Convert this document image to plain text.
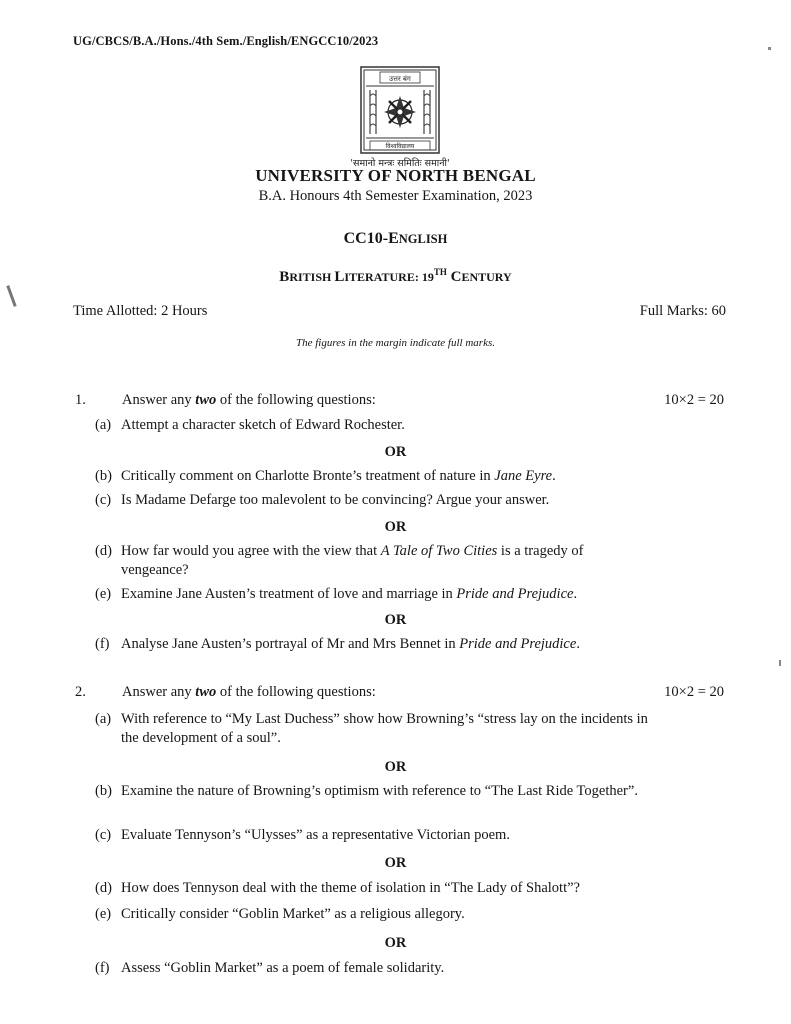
UG/CBCS/B.A./Hons./4th Sem./English/ENGCC10/2023
उत्तर बंग
विश्वविद्यालय
'समानो मन्त्रः समितिः समानी'
UNIVERSITY OF NORTH BENGAL
B.A. Honours 4th Semester Examination, 2023
CC10-ENGLISH
BRITISH LITERATURE: 19TH CENTURY
Time Allotted: 2 Hours	Full Marks: 60
The figures in the margin indicate full marks.
1. Answer any two of the following questions:	10×2 = 20
(a) Attempt a character sketch of Edward Rochester.
OR
(b) Critically comment on Charlotte Bronte’s treatment of nature in Jane Eyre.
(c) Is Madame Defarge too malevolent to be convincing? Argue your answer.
OR
(d) How far would you agree with the view that A Tale of Two Cities is a tragedy of vengeance?
(e) Examine Jane Austen’s treatment of love and marriage in Pride and Prejudice.
OR
(f) Analyse Jane Austen’s portrayal of Mr and Mrs Bennet in Pride and Prejudice.
2. Answer any two of the following questions:	10×2 = 20
(a) With reference to “My Last Duchess” show how Browning’s “stress lay on the incidents in the development of a soul”.
OR
(b) Examine the nature of Browning’s optimism with reference to “The Last Ride Together”.
(c) Evaluate Tennyson’s “Ulysses” as a representative Victorian poem.
OR
(d) How does Tennyson deal with the theme of isolation in “The Lady of Shalott”?
(e) Critically consider “Goblin Market” as a religious allegory.
OR
(f) Assess “Goblin Market” as a poem of female solidarity.
